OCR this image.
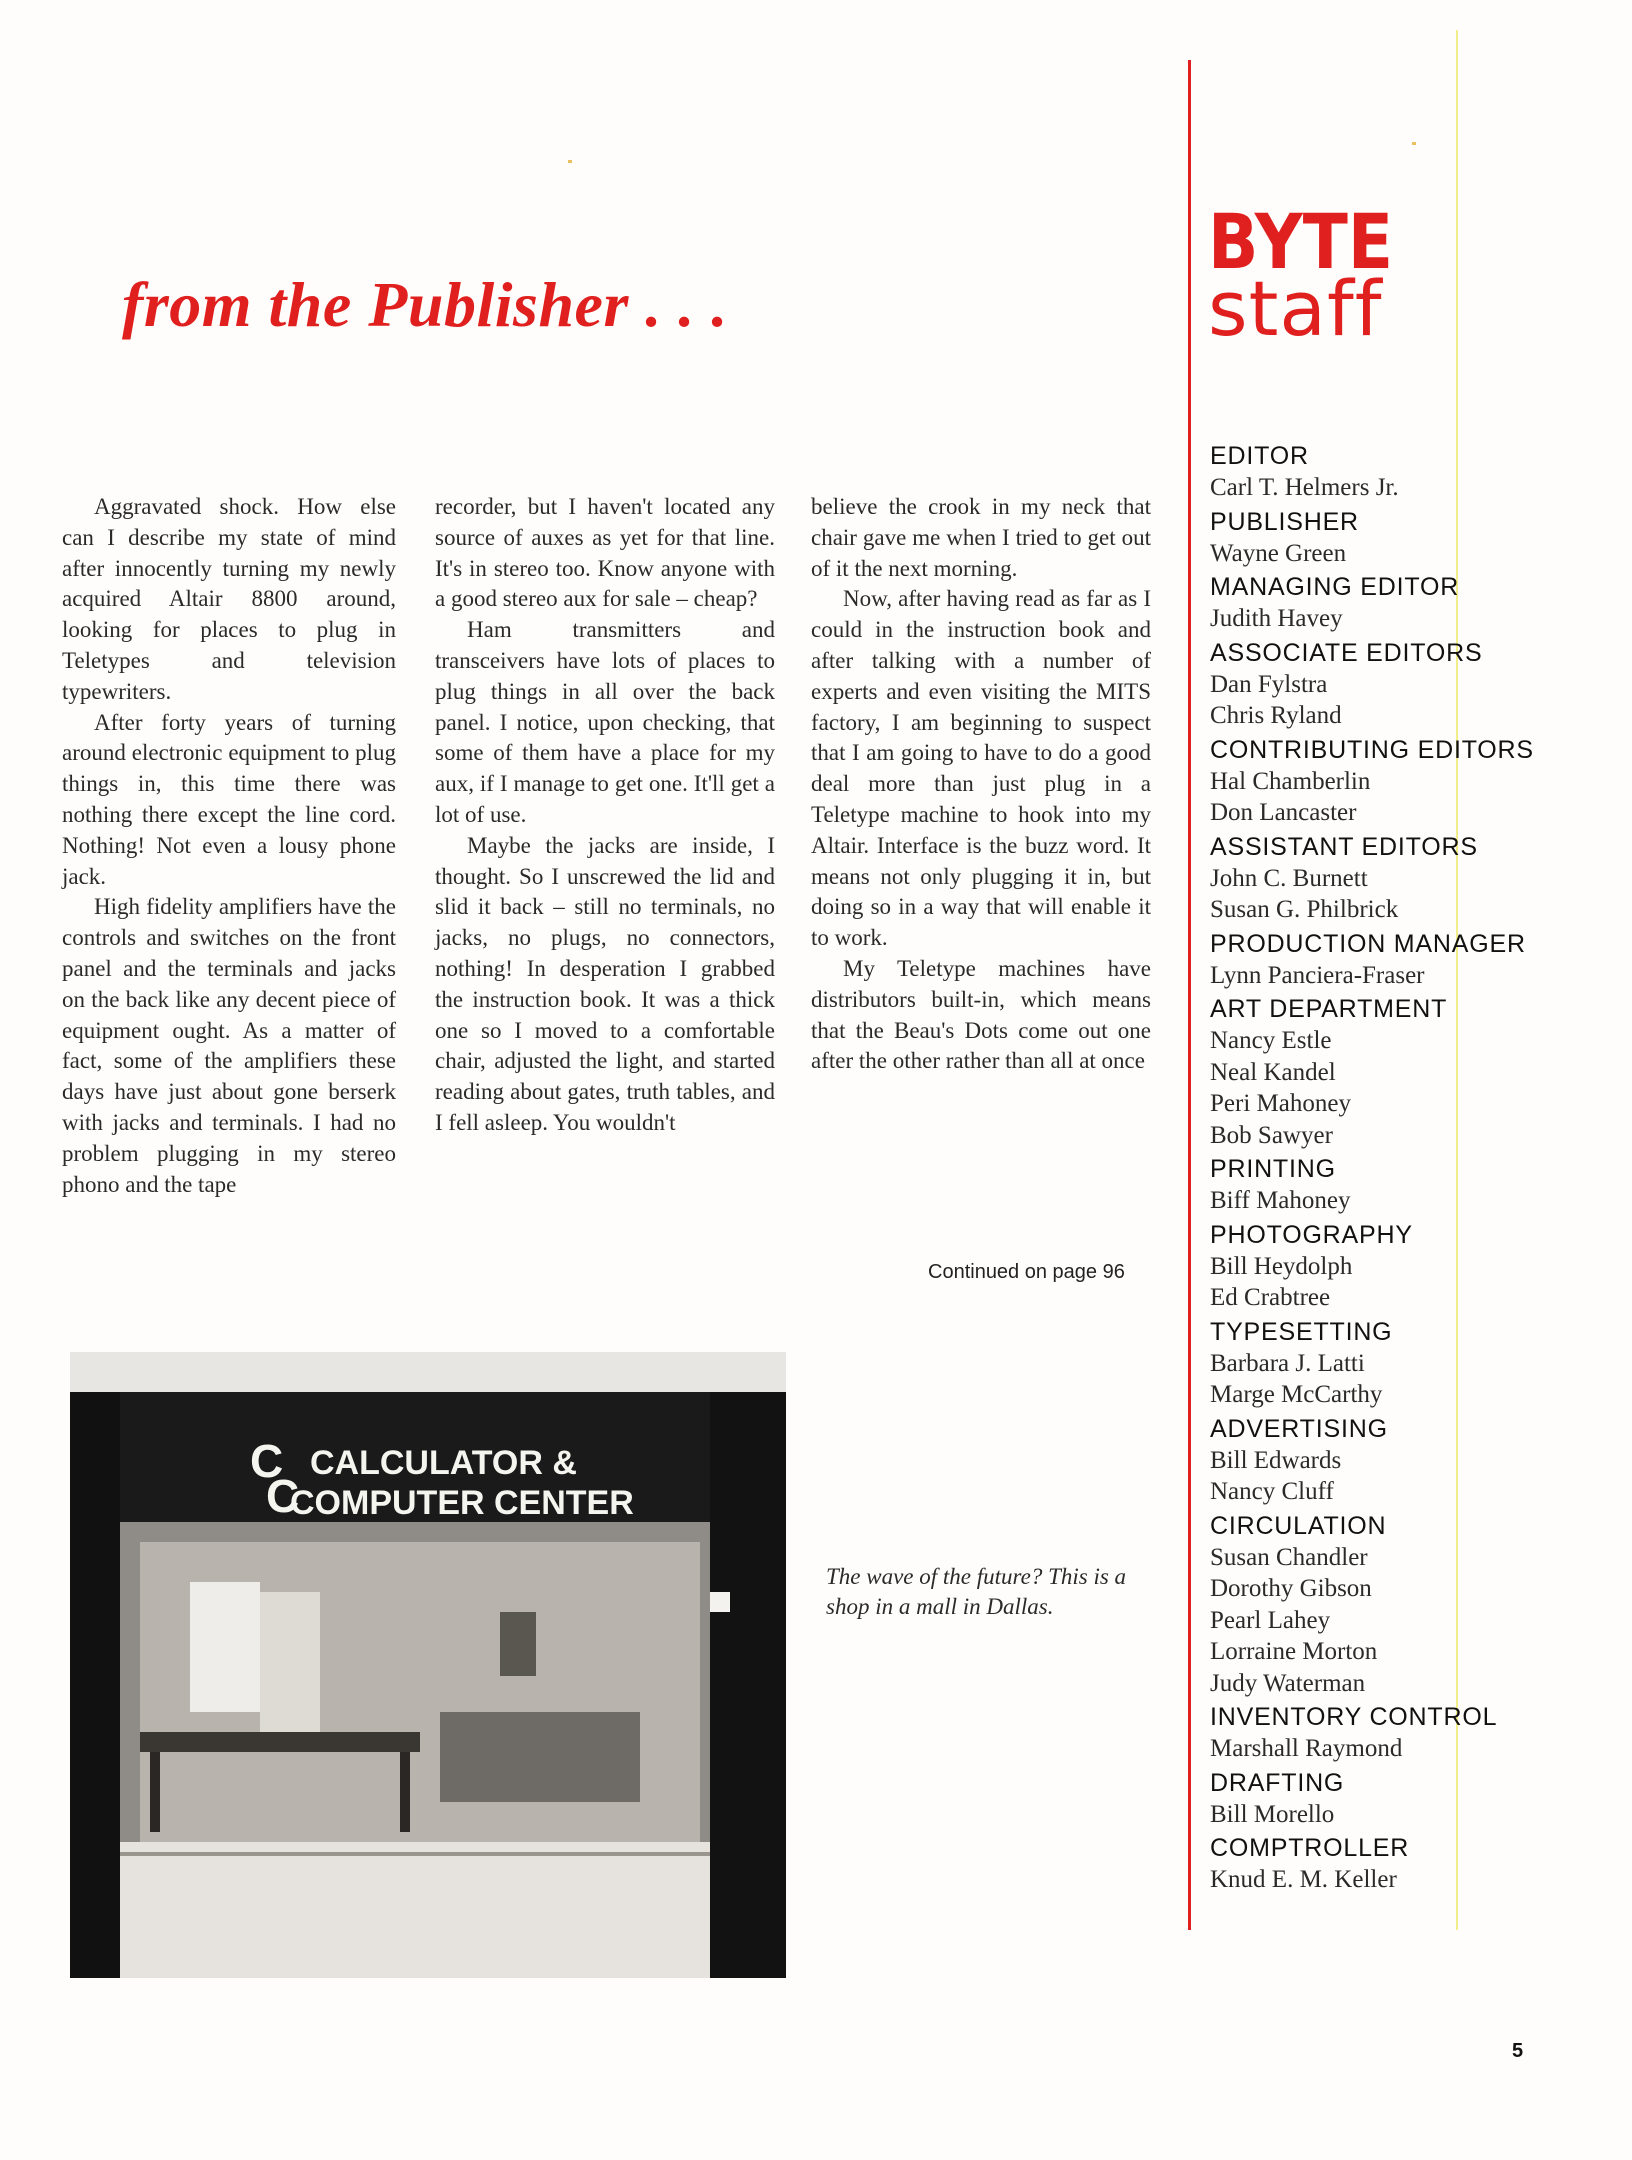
from the Publisher . . .

Aggravated shock. How else can I describe my state of mind after innocently turning my newly acquired Altair 8800 around, looking for places to plug in Teletypes and television typewriters.

After forty years of turning around electronic equipment to plug things in, this time there was nothing there except the line cord. Nothing! Not even a lousy phone jack.

High fidelity amplifiers have the controls and switches on the front panel and the terminals and jacks on the back like any decent piece of equipment ought. As a matter of fact, some of the amplifiers these days have just about gone berserk with jacks and terminals. I had no problem plugging in my stereo phono and the tape

recorder, but I haven't located any source of auxes as yet for that line. It's in stereo too. Know anyone with a good stereo aux for sale – cheap?

Ham transmitters and transceivers have lots of places to plug things in all over the back panel. I notice, upon checking, that some of them have a place for my aux, if I manage to get one. It'll get a lot of use.

Maybe the jacks are inside, I thought. So I unscrewed the lid and slid it back – still no terminals, no jacks, no plugs, no connectors, nothing! In desperation I grabbed the instruction book. It was a thick one so I moved to a comfortable chair, adjusted the light, and started reading about gates, truth tables, and I fell asleep. You wouldn't

believe the crook in my neck that chair gave me when I tried to get out of it the next morning.

Now, after having read as far as I could in the instruction book and after talking with a number of experts and even visiting the MITS factory, I am beginning to suspect that I am going to have to do a good deal more than just plug in a Teletype machine to hook into my Altair. Interface is the buzz word. It means not only plugging it in, but doing so in a way that will enable it to work.

My Teletype machines have distributors built-in, which means that the Beau's Dots come out one after the other rather than all at once

Continued on page 96
C
C
CALCULATOR &
COMPUTER CENTER
The wave of the future? This is a shop in a mall in Dallas.
BYTE
staff
EDITOR
Carl T. Helmers Jr.
PUBLISHER
Wayne Green
MANAGING EDITOR
Judith Havey
ASSOCIATE EDITORS
Dan Fylstra
Chris Ryland
CONTRIBUTING EDITORS
Hal Chamberlin
Don Lancaster
ASSISTANT EDITORS
John C. Burnett
Susan G. Philbrick
PRODUCTION MANAGER
Lynn Panciera-Fraser
ART DEPARTMENT
Nancy Estle
Neal Kandel
Peri Mahoney
Bob Sawyer
PRINTING
Biff Mahoney
PHOTOGRAPHY
Bill Heydolph
Ed Crabtree
TYPESETTING
Barbara J. Latti
Marge McCarthy
ADVERTISING
Bill Edwards
Nancy Cluff
CIRCULATION
Susan Chandler
Dorothy Gibson
Pearl Lahey
Lorraine Morton
Judy Waterman
INVENTORY CONTROL
Marshall Raymond
DRAFTING
Bill Morello
COMPTROLLER
Knud E. M. Keller
5
